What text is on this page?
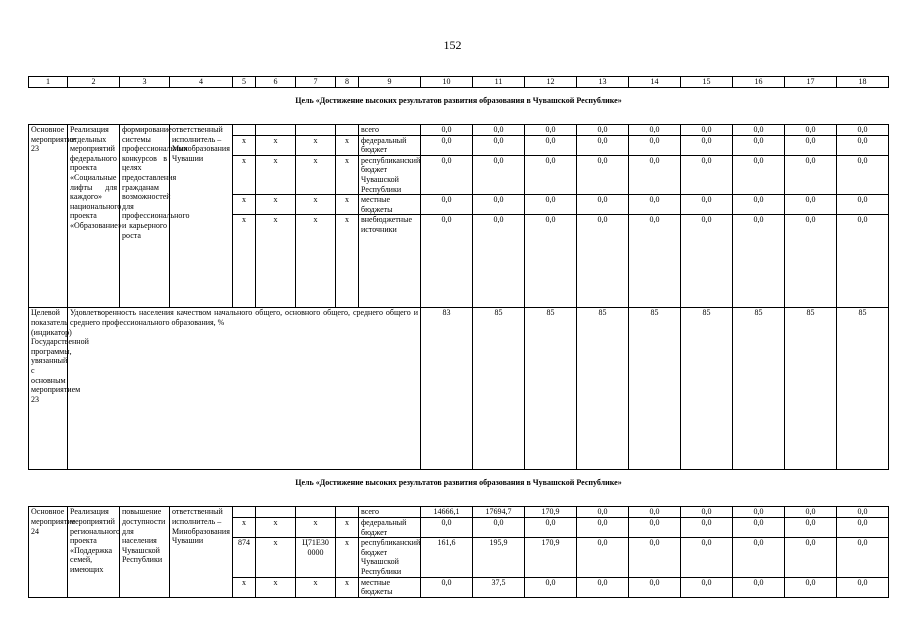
152
1	2	3	4	5	6	7	8	9	10	11	12	13	14	15	16	17	18
Цель «Достижение высоких результатов развития образования в Чувашской Республике»																	

Основное мероприятие 23	Реализация отдельных мероприятий федерального проекта «Социальные лифты для каждого» национального проекта «Образование»	формирование системы профессиональных конкурсов в целях предоставления гражданам возможностей для профессионального и карьерного роста	ответственный исполнитель – Минобразования Чувашии					всего	0,0	0,0	0,0	0,0	0,0	0,0	0,0	0,0	0,0
				x	x	x	x	федеральный бюджет	0,0	0,0	0,0	0,0	0,0	0,0	0,0	0,0	0,0
				x	x	x	x	республиканский бюджет Чувашской Республики	0,0	0,0	0,0	0,0	0,0	0,0	0,0	0,0	0,0
				x	x	x	x	местные бюджеты	0,0	0,0	0,0	0,0	0,0	0,0	0,0	0,0	0,0
				x	x	x	x	внебюджетные источники	0,0	0,0	0,0	0,0	0,0	0,0	0,0	0,0	0,0
Целевой показатель (индикатор) Государственной программы, увязанный с основным мероприятием 23	Удовлетворенность населения качеством начального общего, основного общего, среднего общего и среднего профессионального образования, %								83	85	85	85	85	85	85	85	85
Цель «Достижение высоких результатов развития образования в Чувашской Республике»																	

Основное мероприятие 24	Реализация мероприятий регионального проекта «Поддержка семей, имеющих	повышение доступности для населения Чувашской Республики	ответственный исполнитель – Минобразования Чувашии					всего	14666,1	17694,7	170,9	0,0	0,0	0,0	0,0	0,0	0,0
				x	x	x	x	федеральный бюджет	0,0	0,0	0,0	0,0	0,0	0,0	0,0	0,0	0,0
				874	x	Ц71Е30 0000	x	республиканский бюджет Чувашской Республики	161,6	195,9	170,9	0,0	0,0	0,0	0,0	0,0	0,0
				x	x	x	x	местные бюджеты	0,0	37,5	0,0	0,0	0,0	0,0	0,0	0,0	0,0
